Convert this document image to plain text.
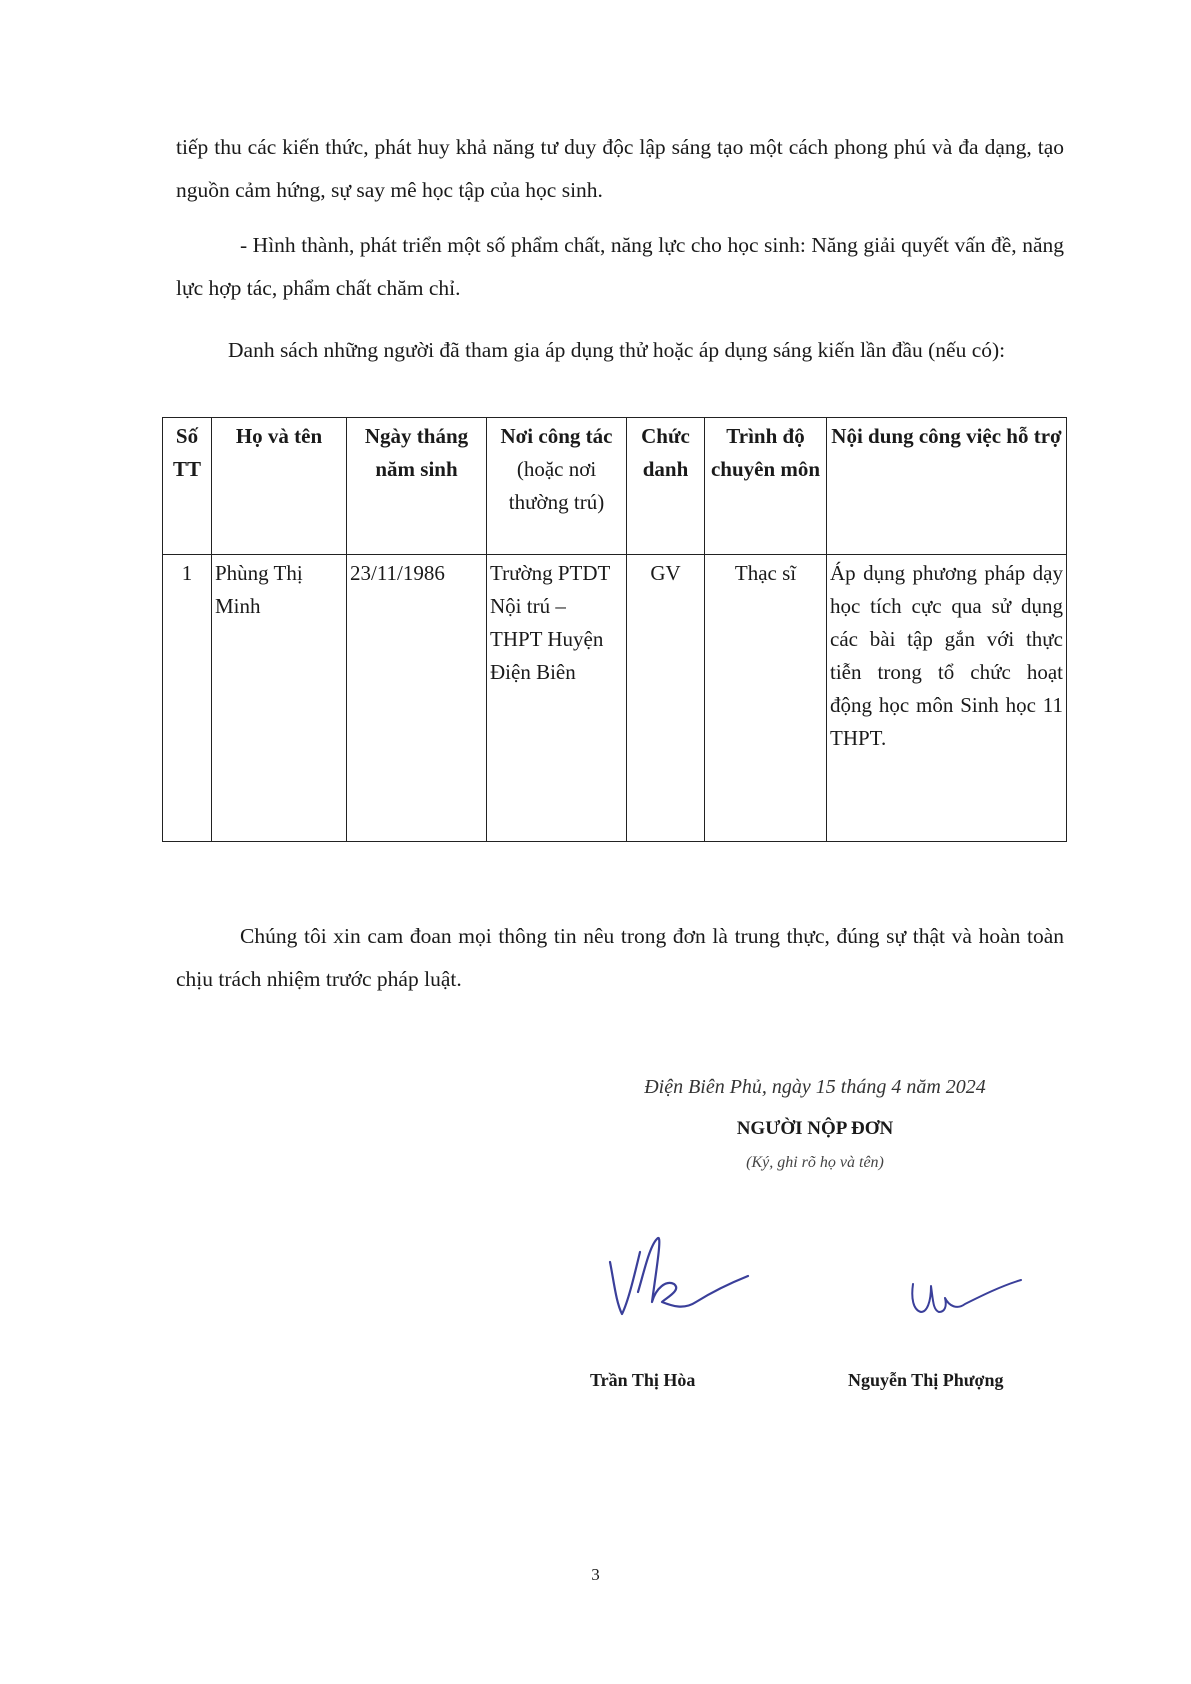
tiếp thu các kiến thức, phát huy khả năng tư duy độc lập sáng tạo một cách phong phú và đa dạng, tạo nguồn cảm hứng, sự say mê học tập của học sinh.

- Hình thành, phát triển một số phẩm chất, năng lực cho học sinh: Năng giải quyết vấn đề, năng lực hợp tác, phẩm chất chăm chỉ.

Danh sách những người đã tham gia áp dụng thử hoặc áp dụng sáng kiến lần đầu (nếu có):

Số TT	Họ và tên	Ngày tháng năm sinh	Nơi công tác (hoặc nơi thường trú)	Chức danh	Trình độ chuyên môn	Nội dung công việc hỗ trợ
1	Phùng Thị Minh	23/11/1986	Trường PTDT Nội trú – THPT Huyện Điện Biên	GV	Thạc sĩ	Áp dụng phương pháp dạy học tích cực qua sử dụng các bài tập gắn với thực tiễn trong tổ chức hoạt động học môn Sinh học 11 THPT.

Chúng tôi xin cam đoan mọi thông tin nêu trong đơn là trung thực, đúng sự thật và hoàn toàn chịu trách nhiệm trước pháp luật.

Điện Biên Phủ, ngày 15 tháng 4 năm 2024
NGƯỜI NỘP ĐƠN
(Ký, ghi rõ họ và tên)
Trần Thị Hòa	Nguyễn Thị Phượng
3
